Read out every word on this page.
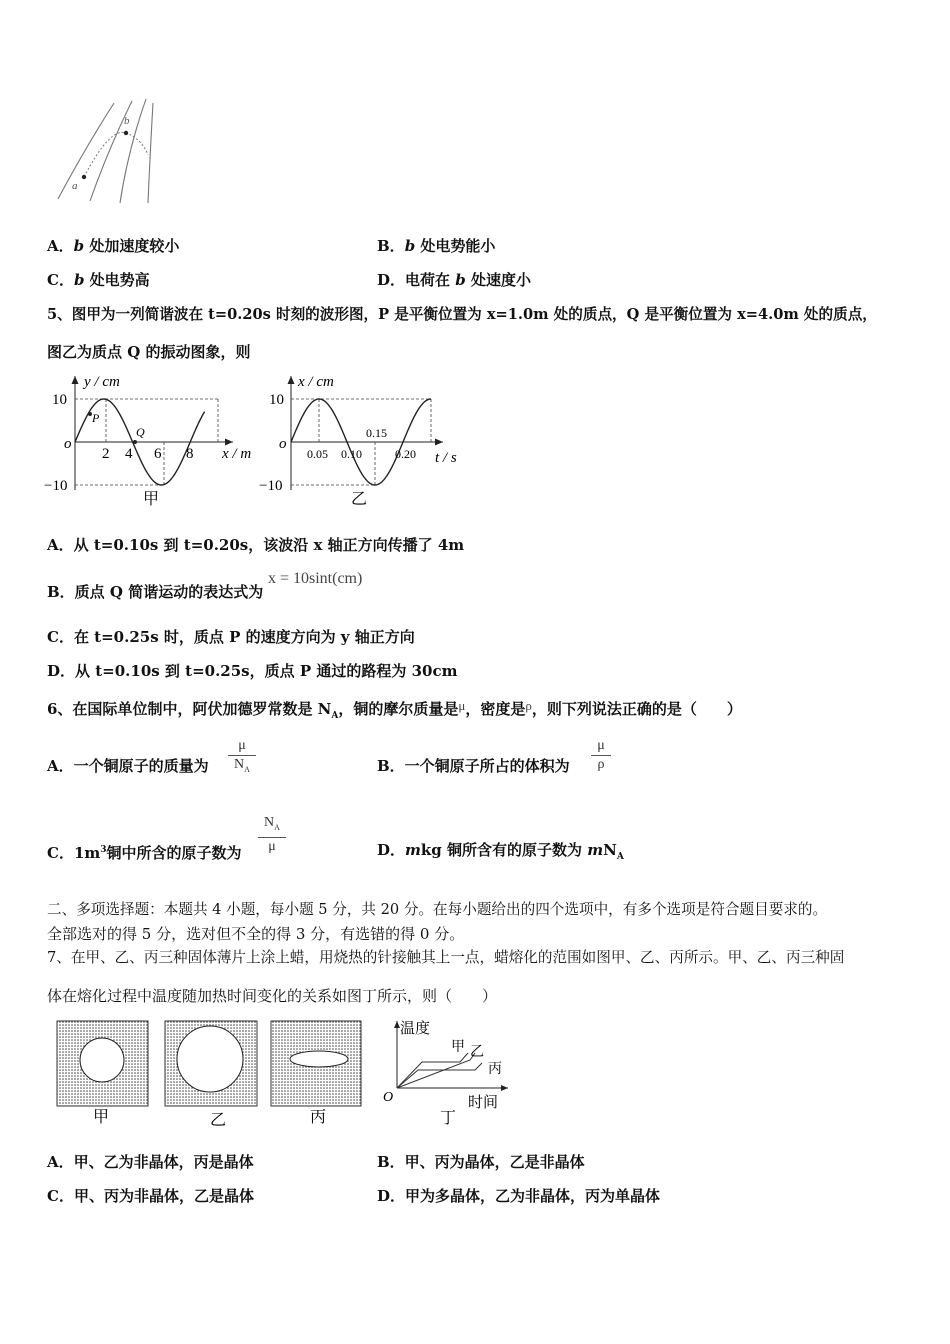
a
b
A．b 处加速度较小	B．b 处电势能小
C．b 处电势高	D．电荷在 b 处速度小
5、图甲为一列简谐波在 t=0.20s 时刻的波形图，P 是平衡位置为 x=1.0m 处的质点，Q 是平衡位置为 x=4.0m 处的质点，
图乙为质点 Q 的振动图象，则
y / cm
x / m
10
−10
o
2 4 6 8
P
Q
甲
x / cm
t / s
10
−10
o
0.05 0.10
0.15
0.20
乙
A．从 t=0.10s 到 t=0.20s，该波沿 x 轴正方向传播了 4m
B．质点 Q 简谐运动的表达式为 x = 10sint(cm)
C．在 t=0.25s 时，质点 P 的速度方向为 y 轴正方向
D．从 t=0.10s 到 t=0.25s，质点 P 通过的路程为 30cm
6、在国际单位制中，阿伏加德罗常数是 $N_A$，铜的摩尔质量是μ，密度是ρ，则下列说法正确的是（　　）
A．一个铜原子的质量为
μ
$N_A$	B．一个铜原子所占的体积为
μ
ρ
C．$1m^3$铜中所含的原子数为
$N_A$
μ	D．mkg 铜所含有的原子数为 $mN_A$
二、多项选择题：本题共 4 小题，每小题 5 分，共 20 分。在每小题给出的四个选项中，有多个选项是符合题目要求的。
全部选对的得 5 分，选对但不全的得 3 分，有选错的得 0 分。
7、在甲、乙、丙三种固体薄片上涂上蜡，用烧热的针接触其上一点，蜡熔化的范围如图甲、乙、丙所示。甲、乙、丙三种固
体在熔化过程中温度随加热时间变化的关系如图丁所示，则（　　）
甲	乙	丙
温度
时间
O
甲 乙
丙
丁
A．甲、乙为非晶体，丙是晶体	B．甲、丙为晶体，乙是非晶体
C．甲、丙为非晶体，乙是晶体	D．甲为多晶体，乙为非晶体，丙为单晶体
